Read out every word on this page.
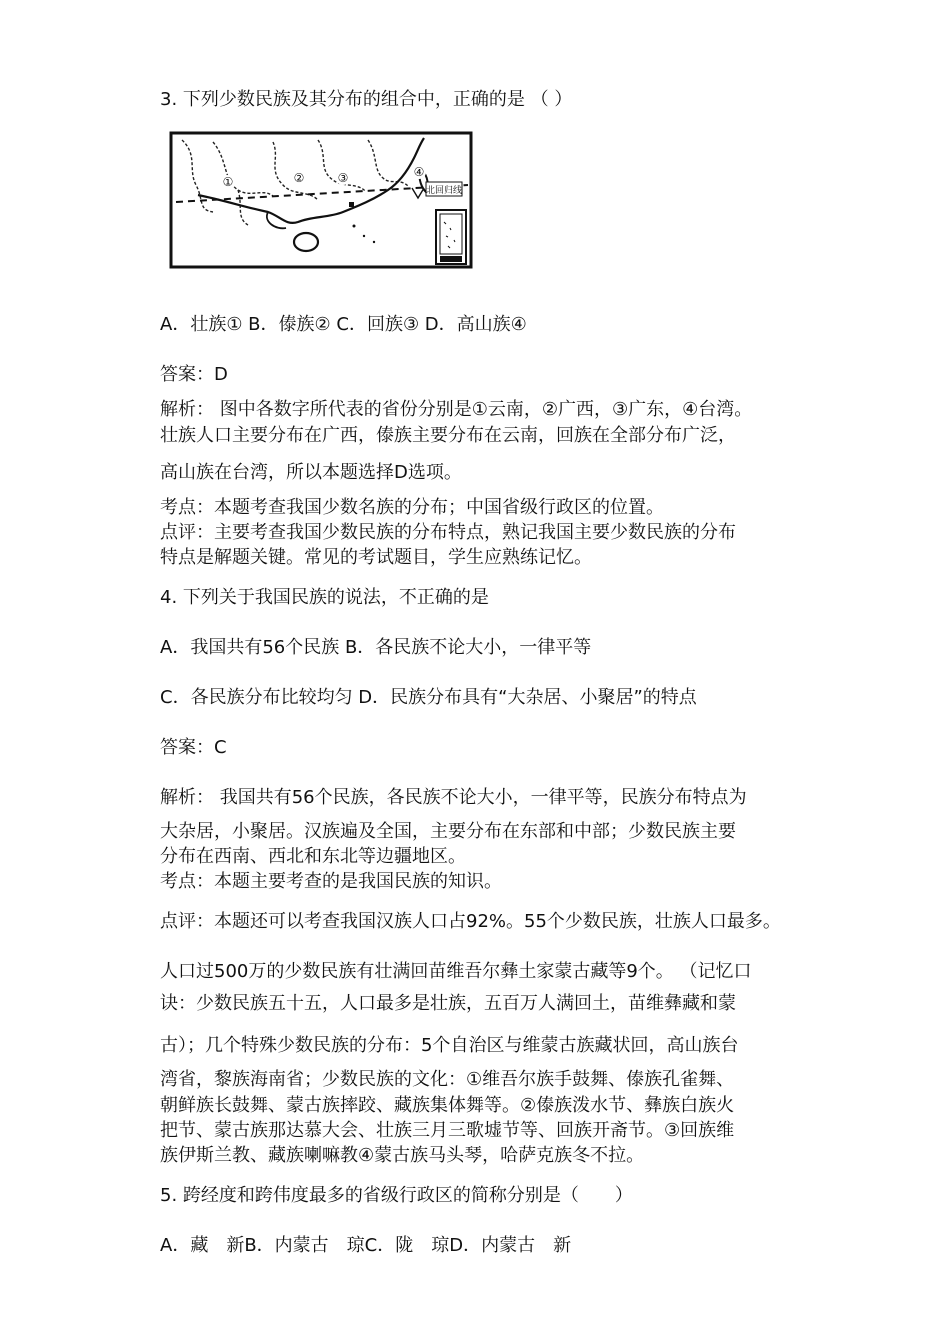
3. 下列少数民族及其分布的组合中，正确的是 （ ）
①	②	③	④
北回归线
A．壮族① B．傣族② C．回族③ D．高山族④
答案：D
解析： 图中各数字所代表的省份分别是①云南，②广西，③广东，④台湾。
壮族人口主要分布在广西，傣族主要分布在云南，回族在全部分布广泛，
高山族在台湾，所以本题选择D选项。
考点：本题考查我国少数名族的分布；中国省级行政区的位置。
点评：主要考查我国少数民族的分布特点，熟记我国主要少数民族的分布
特点是解题关键。常见的考试题目，学生应熟练记忆。
4. 下列关于我国民族的说法，不正确的是
A．我国共有56个民族 B．各民族不论大小，一律平等
C．各民族分布比较均匀 D．民族分布具有“大杂居、小聚居”的特点
答案：C
解析： 我国共有56个民族，各民族不论大小，一律平等，民族分布特点为
大杂居，小聚居。汉族遍及全国，主要分布在东部和中部；少数民族主要
分布在西南、西北和东北等边疆地区。
考点：本题主要考查的是我国民族的知识。
点评：本题还可以考查我国汉族人口占92%。55个少数民族，壮族人口最多。
人口过500万的少数民族有壮满回苗维吾尔彝土家蒙古藏等9个。 （记忆口
诀：少数民族五十五，人口最多是壮族，五百万人满回土，苗维彝藏和蒙
古）；几个特殊少数民族的分布：5个自治区与维蒙古族藏状回，高山族台
湾省，黎族海南省；少数民族的文化：①维吾尔族手鼓舞、傣族孔雀舞、
朝鲜族长鼓舞、蒙古族摔跤、藏族集体舞等。②傣族泼水节、彝族白族火
把节、蒙古族那达慕大会、壮族三月三歌墟节等、回族开斋节。③回族维
族伊斯兰教、藏族喇嘛教④蒙古族马头琴，哈萨克族冬不拉。
5. 跨经度和跨伟度最多的省级行政区的简称分别是（　　）
A．藏　新B．内蒙古　琼C．陇　琼D．内蒙古　新
